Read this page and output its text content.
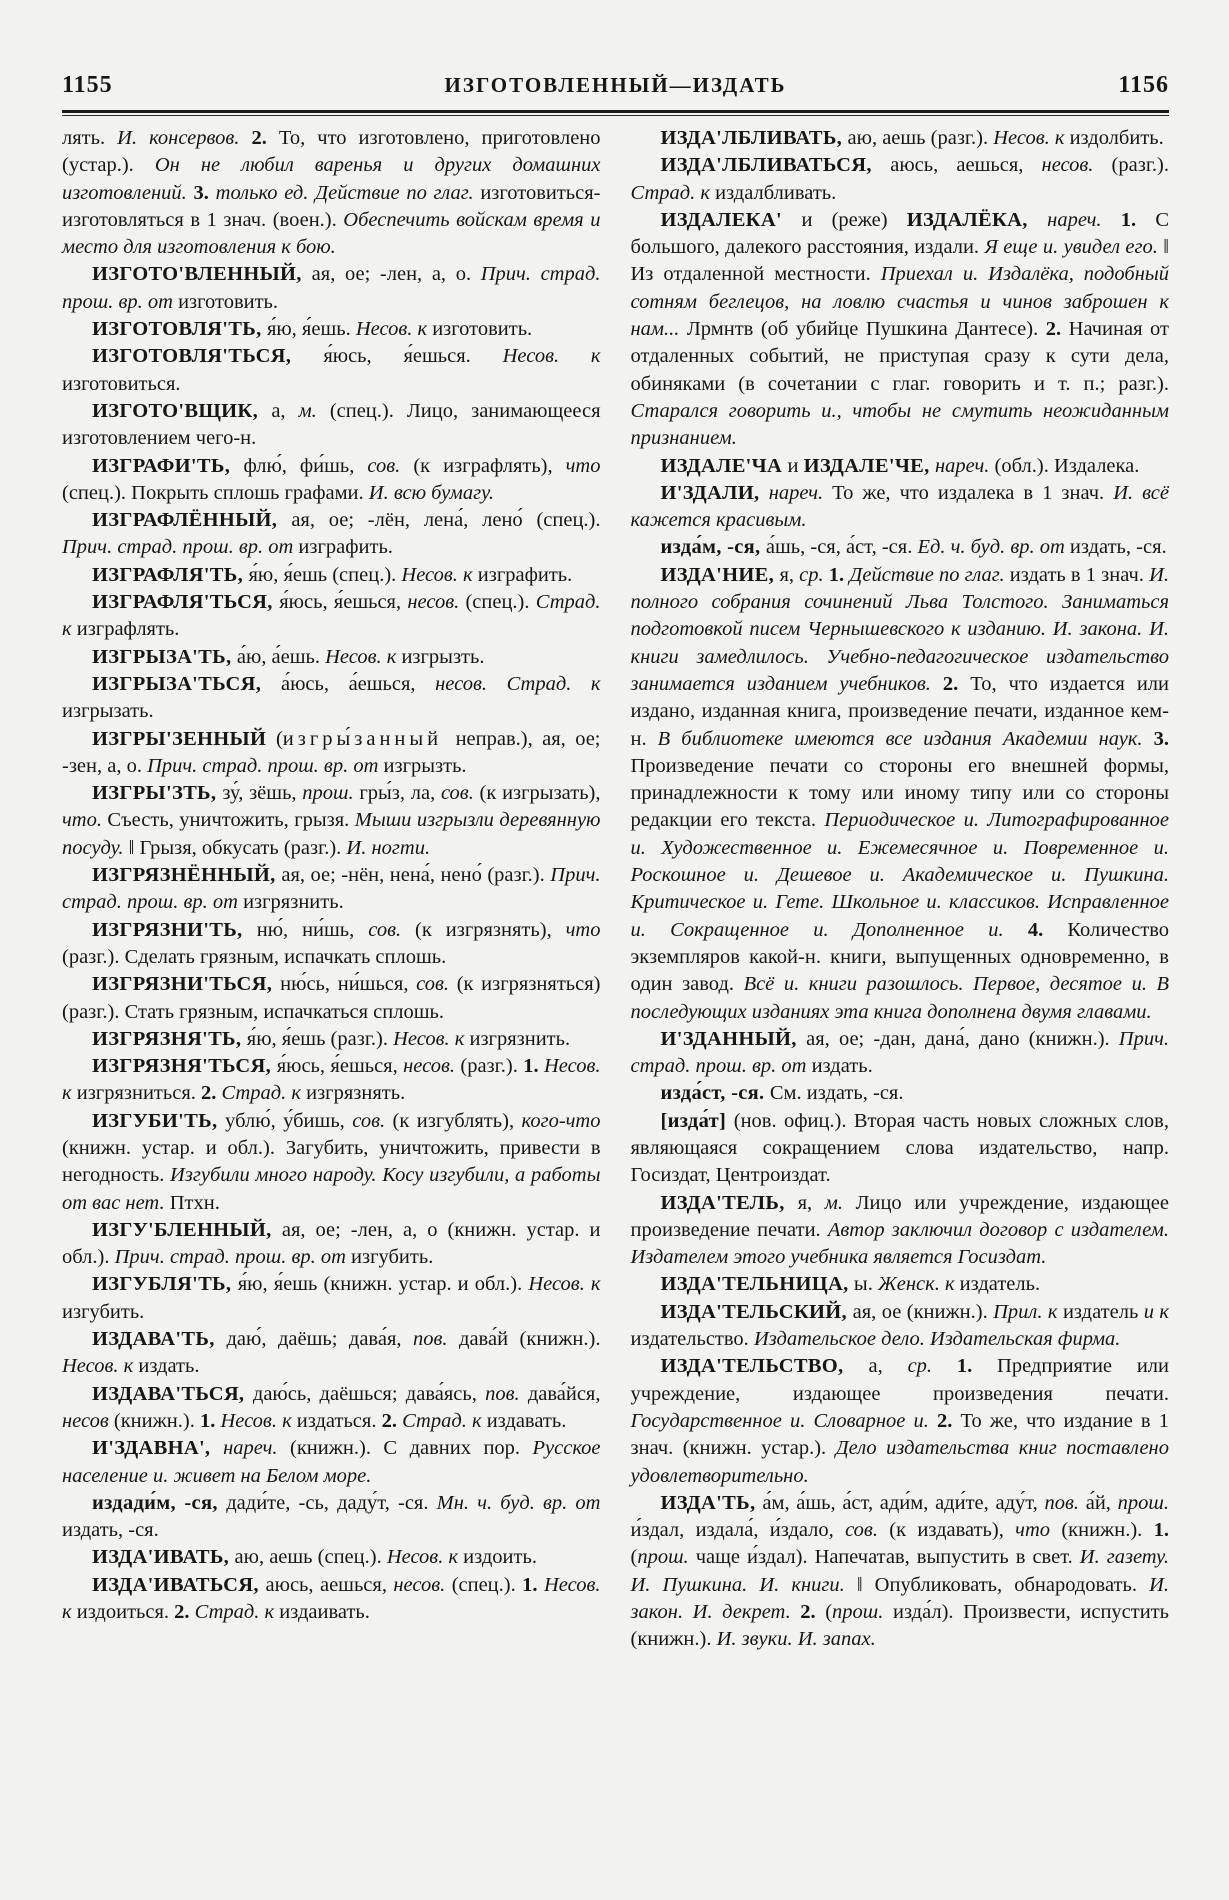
1155	ИЗГОТОВЛЕННЫЙ—ИЗДАТЬ	1156

лять. И. консервов. 2. То, что изготовлено, приготовлено (устар.). Он не любил варенья и других домашних изготовлений. 3. только ед. Действие по глаг. изготовиться-изготовляться в 1 знач. (воен.). Обеспечить войскам время и место для изготовления к бою.

ИЗГОТО'ВЛЕННЫЙ, ая, ое; -лен, а, о. Прич. страд. прош. вр. от изготовить.

ИЗГОТОВЛЯ'ТЬ, я́ю, я́ешь. Несов. к изготовить.

ИЗГОТОВЛЯ'ТЬСЯ, я́юсь, я́ешься. Несов. к изготовиться.

ИЗГОТО'ВЩИК, а, м. (спец.). Лицо, занимающееся изготовлением чего-н.

ИЗГРАФИ'ТЬ, флю́, фи́шь, сов. (к изграфлять), что (спец.). Покрыть сплошь графами. И. всю бумагу.

ИЗГРАФЛЁННЫЙ, ая, ое; -лён, лена́, лено́ (спец.). Прич. страд. прош. вр. от изграфить.

ИЗГРАФЛЯ'ТЬ, я́ю, я́ешь (спец.). Несов. к изграфить.

ИЗГРАФЛЯ'ТЬСЯ, я́юсь, я́ешься, несов. (спец.). Страд. к изграфлять.

ИЗГРЫЗА'ТЬ, а́ю, а́ешь. Несов. к изгрызть.

ИЗГРЫЗА'ТЬСЯ, а́юсь, а́ешься, несов. Страд. к изгрызать.

ИЗГРЫ'ЗЕННЫЙ (изгры́занный неправ.), ая, ое; -зен, а, о. Прич. страд. прош. вр. от изгрызть.

ИЗГРЫ'ЗТЬ, зу́, зёшь, прош. гры́з, ла, сов. (к изгрызать), что. Съесть, уничтожить, грызя. Мыши изгрызли деревянную посуду. ‖ Грызя, обкусать (разг.). И. ногти.

ИЗГРЯЗНЁННЫЙ, ая, ое; -нён, нена́, нено́ (разг.). Прич. страд. прош. вр. от изгрязнить.

ИЗГРЯЗНИ'ТЬ, ню́, ни́шь, сов. (к изгрязнять), что (разг.). Сделать грязным, испачкать сплошь.

ИЗГРЯЗНИ'ТЬСЯ, ню́сь, ни́шься, сов. (к изгрязняться) (разг.). Стать грязным, испачкаться сплошь.

ИЗГРЯЗНЯ'ТЬ, я́ю, я́ешь (разг.). Несов. к изгрязнить.

ИЗГРЯЗНЯ'ТЬСЯ, я́юсь, я́ешься, несов. (разг.). 1. Несов. к изгрязниться. 2. Страд. к изгрязнять.

ИЗГУБИ'ТЬ, ублю́, у́бишь, сов. (к изгублять), кого-что (книжн. устар. и обл.). Загубить, уничтожить, привести в негодность. Изгубили много народу. Косу изгубили, а работы от вас нет. Птхн.

ИЗГУ'БЛЕННЫЙ, ая, ое; -лен, а, о (книжн. устар. и обл.). Прич. страд. прош. вр. от изгубить.

ИЗГУБЛЯ'ТЬ, я́ю, я́ешь (книжн. устар. и обл.). Несов. к изгубить.

ИЗДАВА'ТЬ, даю́, даёшь; дава́я, пов. дава́й (книжн.). Несов. к издать.

ИЗДАВА'ТЬСЯ, даю́сь, даёшься; дава́ясь, пов. дава́йся, несов (книжн.). 1. Несов. к издаться. 2. Страд. к издавать.

И'ЗДАВНА', нареч. (книжн.). С давних пор. Русское население и. живет на Белом море.

издади́м, -ся, дади́те, -сь, даду́т, -ся. Мн. ч. буд. вр. от издать, -ся.

ИЗДА'ИВАТЬ, аю, аешь (спец.). Несов. к издоить.

ИЗДА'ИВАТЬСЯ, аюсь, аешься, несов. (спец.). 1. Несов. к издоиться. 2. Страд. к издаивать.

ИЗДА'ЛБЛИВАТЬ, аю, аешь (разг.). Несов. к издолбить.

ИЗДА'ЛБЛИВАТЬСЯ, аюсь, аешься, несов. (разг.). Страд. к издалбливать.

ИЗДАЛЕКА' и (реже) ИЗДАЛЁКА, нареч. 1. С большого, далекого расстояния, издали. Я еще и. увидел его. ‖ Из отдаленной местности. Приехал и. Издалёка, подобный сотням беглецов, на ловлю счастья и чинов заброшен к нам... Лрмнтв (об убийце Пушкина Дантесе). 2. Начиная от отдаленных событий, не приступая сразу к сути дела, обиняками (в сочетании с глаг. говорить и т. п.; разг.). Старался говорить и., чтобы не смутить неожиданным признанием.

ИЗДАЛЕ'ЧА и ИЗДАЛЕ'ЧЕ, нареч. (обл.). Издалека.

И'ЗДАЛИ, нареч. То же, что издалека в 1 знач. И. всё кажется красивым.

изда́м, -ся, а́шь, -ся, а́ст, -ся. Ед. ч. буд. вр. от издать, -ся.

ИЗДА'НИЕ, я, ср. 1. Действие по глаг. издать в 1 знач. И. полного собрания сочинений Льва Толстого. Заниматься подготовкой писем Чернышевского к изданию. И. закона. И. книги замедлилось. Учебно-педагогическое издательство занимается изданием учебников. 2. То, что издается или издано, изданная книга, произведение печати, изданное кем-н. В библиотеке имеются все издания Академии наук. 3. Произведение печати со стороны его внешней формы, принадлежности к тому или иному типу или со стороны редакции его текста. Периодическое и. Литографированное и. Художественное и. Ежемесячное и. Повременное и. Роскошное и. Дешевое и. Академическое и. Пушкина. Критическое и. Гете. Школьное и. классиков. Исправленное и. Сокращенное и. Дополненное и. 4. Количество экземпляров какой-н. книги, выпущенных одновременно, в один завод. Всё и. книги разошлось. Первое, десятое и. В последующих изданиях эта книга дополнена двумя главами.

И'ЗДАННЫЙ, ая, ое; -дан, дана́, дано (книжн.). Прич. страд. прош. вр. от издать.

изда́ст, -ся. См. издать, -ся.

[изда́т] (нов. офиц.). Вторая часть новых сложных слов, являющаяся сокращением слова издательство, напр. Госиздат, Центроиздат.

ИЗДА'ТЕЛЬ, я, м. Лицо или учреждение, издающее произведение печати. Автор заключил договор с издателем. Издателем этого учебника является Госиздат.

ИЗДА'ТЕЛЬНИЦА, ы. Женск. к издатель.

ИЗДА'ТЕЛЬСКИЙ, ая, ое (книжн.). Прил. к издатель и к издательство. Издательское дело. Издательская фирма.

ИЗДА'ТЕЛЬСТВО, а, ср. 1. Предприятие или учреждение, издающее произведения печати. Государственное и. Словарное и. 2. То же, что издание в 1 знач. (книжн. устар.). Дело издательства книг поставлено удовлетворительно.

ИЗДА'ТЬ, а́м, а́шь, а́ст, ади́м, ади́те, аду́т, пов. а́й, прош. и́здал, издала́, и́здало, сов. (к издавать), что (книжн.). 1. (прош. чаще и́здал). Напечатав, выпустить в свет. И. газету. И. Пушкина. И. книги. ‖ Опубликовать, обнародовать. И. закон. И. декрет. 2. (прош. изда́л). Произвести, испустить (книжн.). И. звуки. И. запах.
